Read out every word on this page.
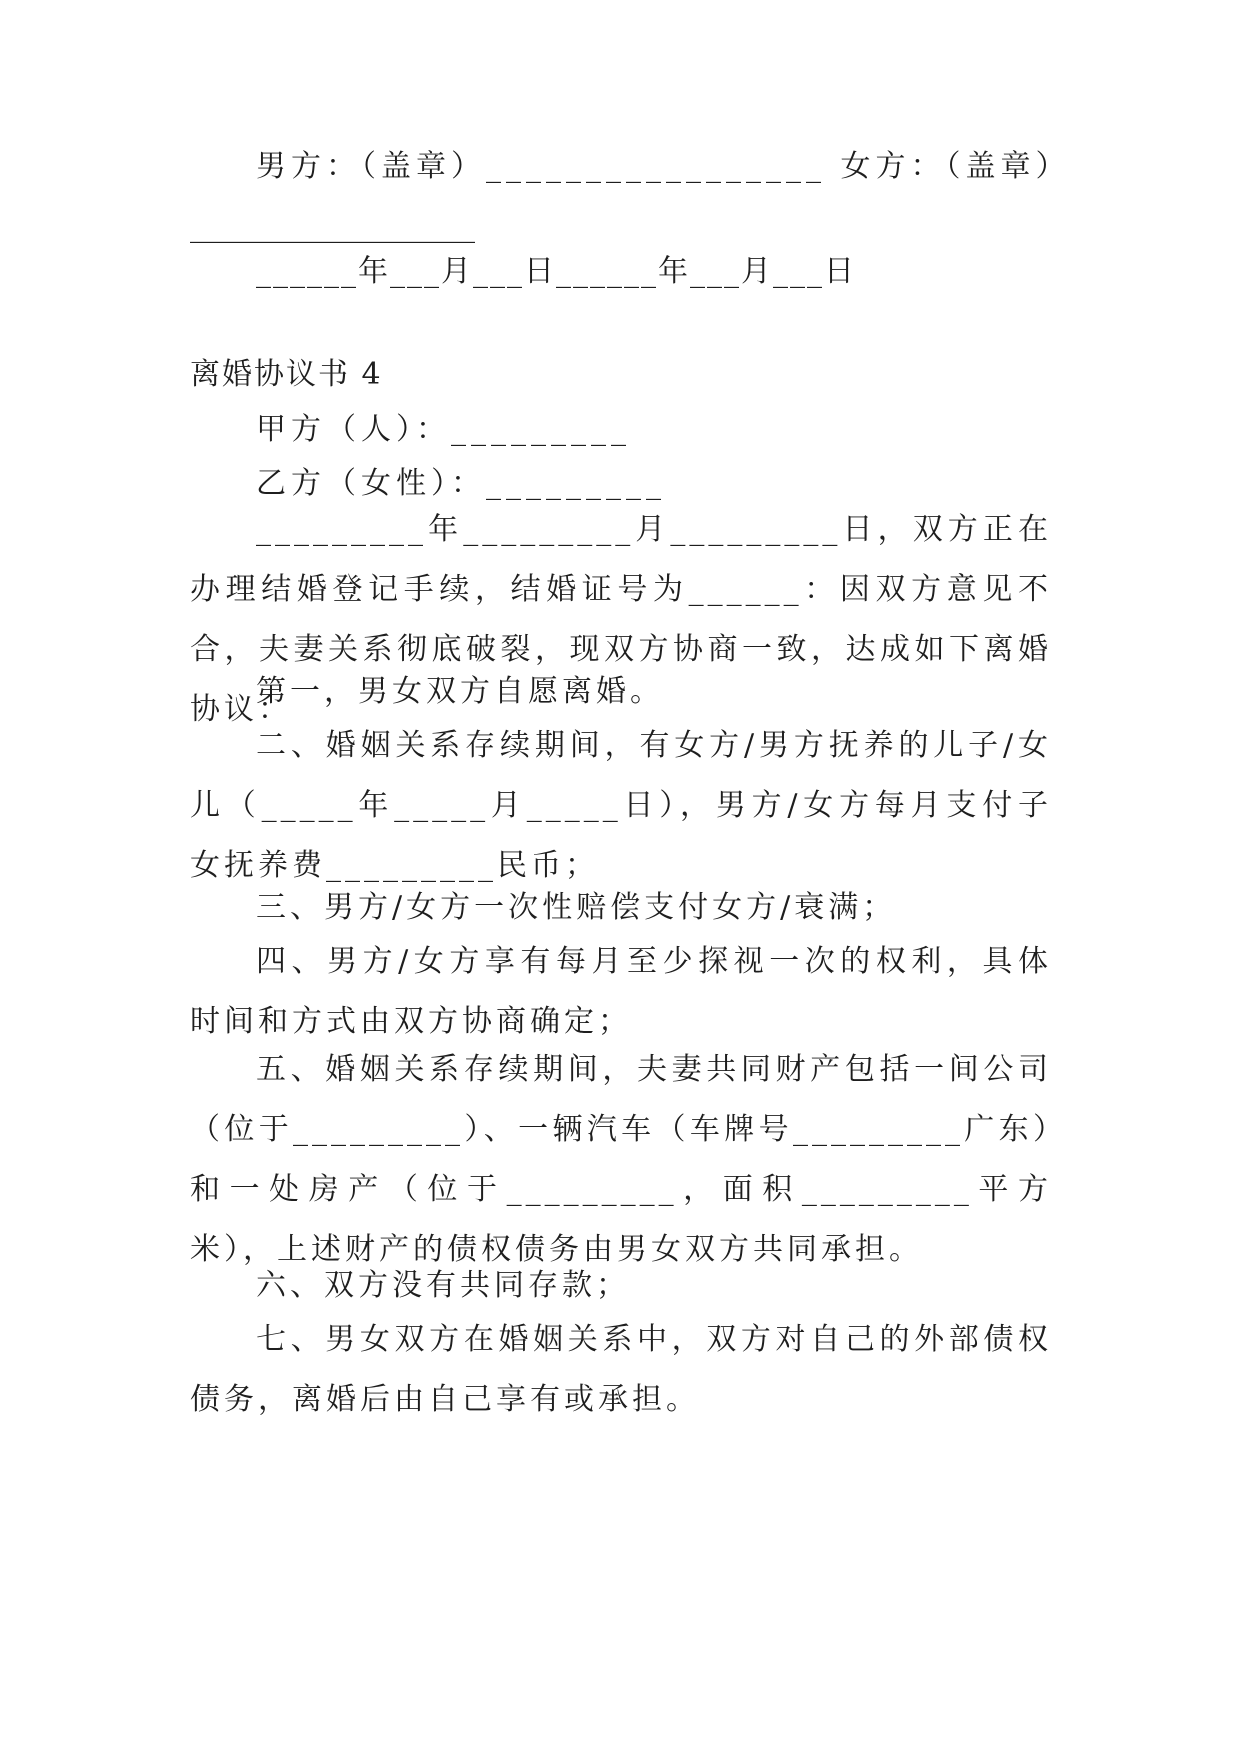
男方：（盖章）_________________ 女方：（盖章）
___________________
______年___月___日______年___月___日
离婚协议书 4
甲方（人）：_________
乙方（女性）：_________
_________年_________月_________日，双方正在办理结婚登记手续，结婚证号为______：因双方意见不合，夫妻关系彻底破裂，现双方协商一致，达成如下离婚协议：
第一，男女双方自愿离婚。
二、婚姻关系存续期间，有女方/男方抚养的儿子/女儿（_____年_____月_____日），男方/女方每月支付子女抚养费_________民币；
三、男方/女方一次性赔偿支付女方/衰满；
四、男方/女方享有每月至少探视一次的权利，具体时间和方式由双方协商确定；
五、婚姻关系存续期间，夫妻共同财产包括一间公司（位于_________）、一辆汽车（车牌号_________广东）和一处房产（位于_________，面积_________平方米），上述财产的债权债务由男女双方共同承担。
六、双方没有共同存款；
七、男女双方在婚姻关系中，双方对自己的外部债权债务，离婚后由自己享有或承担。
